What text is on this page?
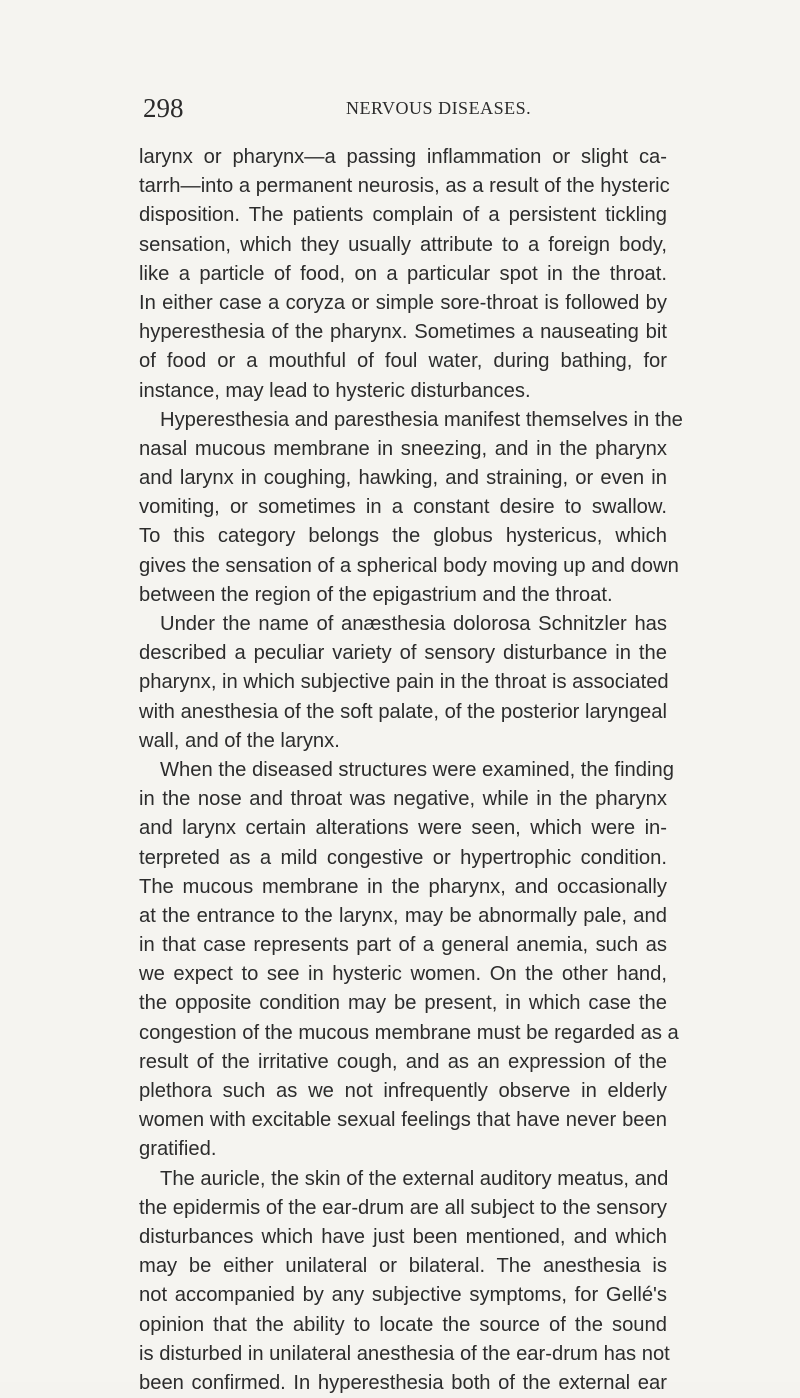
298	NERVOUS DISEASES.
larynx or pharynx—a passing inflammation or slight ca-
tarrh—into a permanent neurosis, as a result of the hysteric
disposition. The patients complain of a persistent tickling
sensation, which they usually attribute to a foreign body,
like a particle of food, on a particular spot in the throat.
In either case a coryza or simple sore-throat is followed by
hyperesthesia of the pharynx. Sometimes a nauseating bit
of food or a mouthful of foul water, during bathing, for
instance, may lead to hysteric disturbances.
Hyperesthesia and paresthesia manifest themselves in the
nasal mucous membrane in sneezing, and in the pharynx
and larynx in coughing, hawking, and straining, or even in
vomiting, or sometimes in a constant desire to swallow.
To this category belongs the globus hystericus, which
gives the sensation of a spherical body moving up and down
between the region of the epigastrium and the throat.
Under the name of anæsthesia dolorosa Schnitzler has
described a peculiar variety of sensory disturbance in the
pharynx, in which subjective pain in the throat is associated
with anesthesia of the soft palate, of the posterior laryngeal
wall, and of the larynx.
When the diseased structures were examined, the finding
in the nose and throat was negative, while in the pharynx
and larynx certain alterations were seen, which were in-
terpreted as a mild congestive or hypertrophic condition.
The mucous membrane in the pharynx, and occasionally
at the entrance to the larynx, may be abnormally pale, and
in that case represents part of a general anemia, such as
we expect to see in hysteric women. On the other hand,
the opposite condition may be present, in which case the
congestion of the mucous membrane must be regarded as a
result of the irritative cough, and as an expression of the
plethora such as we not infrequently observe in elderly
women with excitable sexual feelings that have never been
gratified.
The auricle, the skin of the external auditory meatus, and
the epidermis of the ear-drum are all subject to the sensory
disturbances which have just been mentioned, and which
may be either unilateral or bilateral. The anesthesia is
not accompanied by any subjective symptoms, for Gellé's
opinion that the ability to locate the source of the sound
is disturbed in unilateral anesthesia of the ear-drum has not
been confirmed. In hyperesthesia both of the external ear
